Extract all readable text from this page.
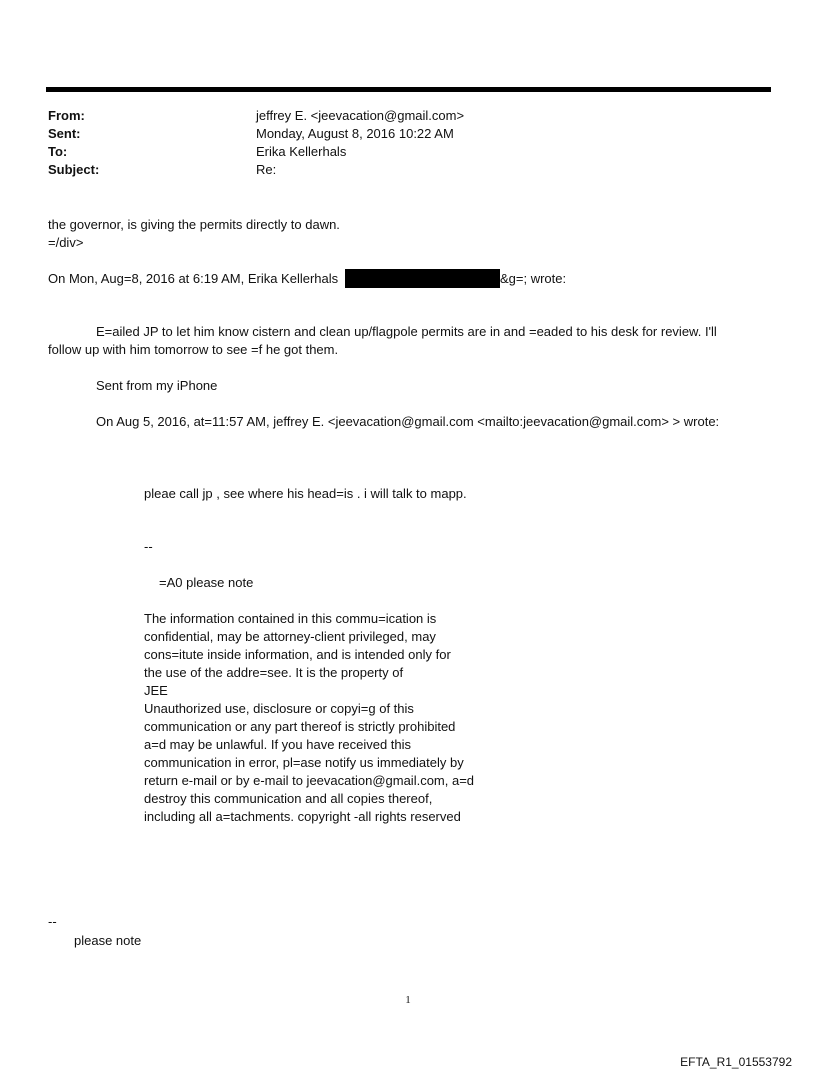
From:	jeffrey E. <jeevacation@gmail.com>
Sent:	Monday, August 8, 2016 10:22 AM
To:	Erika Kellerhals
Subject:	Re:
the governor, is giving the permits directly to dawn.
=/div>
On Mon, Aug=8, 2016 at 6:19 AM, Erika Kellerhals	&g=; wrote:
E=ailed JP to let him know cistern and clean up/flagpole permits are in and =eaded to his desk for review. I'll
follow up with him tomorrow to see =f he got them.
Sent from my iPhone
On Aug 5, 2016, at=11:57 AM, jeffrey E. <jeevacation@gmail.com <mailto:jeevacation@gmail.com> > wrote:
pleae call jp , see where his head=is . i will talk to mapp.
--
=A0 please note
The information contained in this commu=ication is
confidential, may be attorney-client privileged, may
cons=itute inside information, and is intended only for
the use of the addre=see. It is the property of
JEE
Unauthorized use, disclosure or copyi=g of this
communication or any part thereof is strictly prohibited
a=d may be unlawful. If you have received this
communication in error, pl=ase notify us immediately by
return e-mail or by e-mail to jeevacation@gmail.com, a=d
destroy this communication and all copies thereof,
including all a=tachments. copyright -all rights reserved
--
please note
1
EFTA_R1_01553792
